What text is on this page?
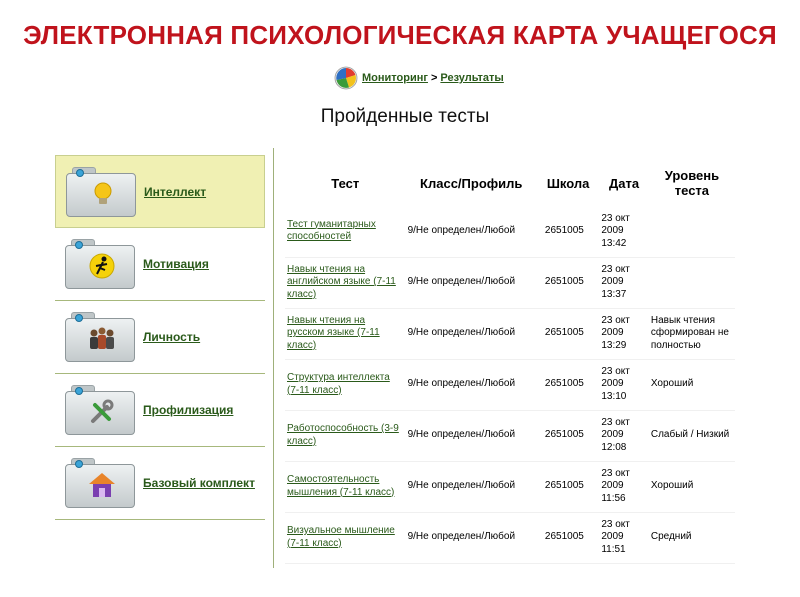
ЭЛЕКТРОННАЯ ПСИХОЛОГИЧЕСКАЯ КАРТА УЧАЩЕГОСЯ
Мониторинг > Результаты
Пройденные тесты
Интеллект
Мотивация
Личность
Профилизация
Базовый комплект
Тест	Класс/Профиль	Школа	Дата	Уровень теста
Тест гуманитарных способностей	9/Не определен/Любой	2651005	23 окт 2009 13:42	
Навык чтения на английском языке (7-11 класс)	9/Не определен/Любой	2651005	23 окт 2009 13:37	
Навык чтения на русском языке (7-11 класс)	9/Не определен/Любой	2651005	23 окт 2009 13:29	Навык чтения сформирован не полностью
Структура интеллекта (7-11 класс)	9/Не определен/Любой	2651005	23 окт 2009 13:10	Хороший
Работоспособность (3-9 класс)	9/Не определен/Любой	2651005	23 окт 2009 12:08	Слабый / Низкий
Самостоятельность мышления (7-11 класс)	9/Не определен/Любой	2651005	23 окт 2009 11:56	Хороший
Визуальное мышление (7-11 класс)	9/Не определен/Любой	2651005	23 окт 2009 11:51	Средний
